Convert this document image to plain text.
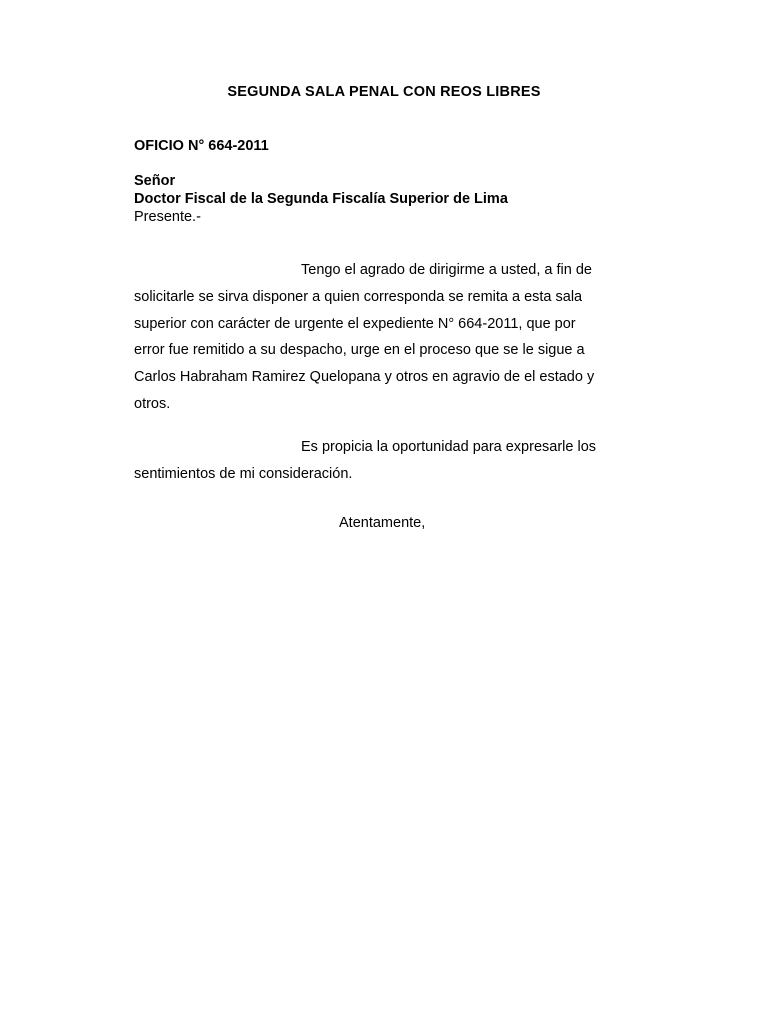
SEGUNDA SALA PENAL CON REOS LIBRES
OFICIO N° 664-2011
Señor
Doctor Fiscal de la Segunda Fiscalía Superior de Lima
Presente.-
Tengo el agrado de dirigirme a usted, a fin de
solicitarle se sirva disponer a quien corresponda se remita a esta sala
superior con carácter de urgente el expediente N° 664-2011, que por
error fue remitido a su despacho, urge en el proceso que se le sigue a
Carlos Habraham Ramirez Quelopana y otros en agravio de el estado y
otros.
Es propicia la oportunidad para expresarle los
sentimientos de mi consideración.
Atentamente,
